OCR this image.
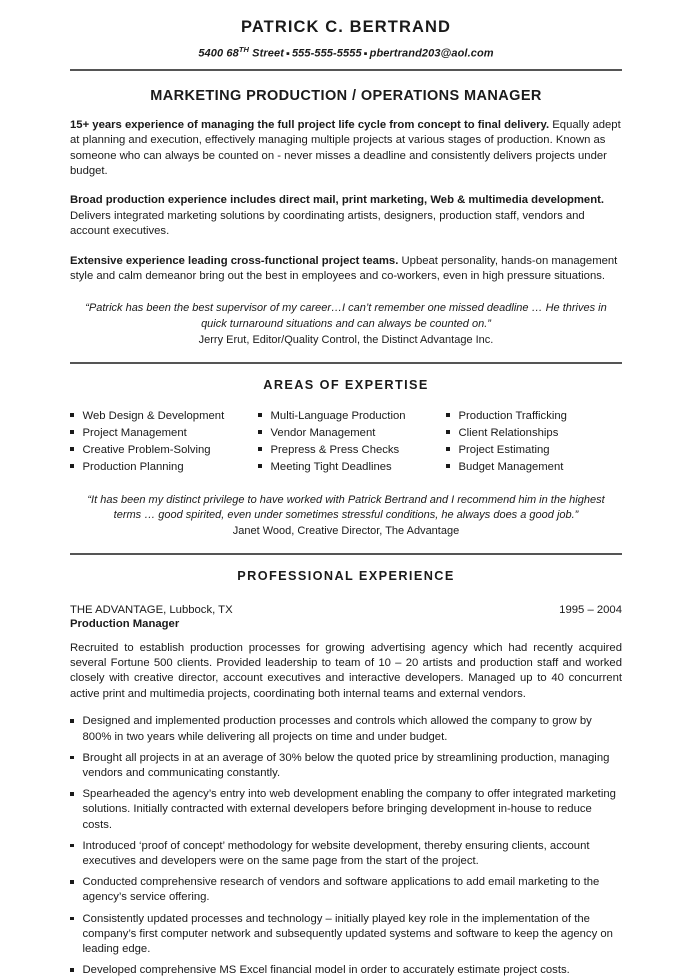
PATRICK C. BERTRAND
5400 68TH Street ▪ 555-555-5555 ▪ pbertrand203@aol.com
MARKETING PRODUCTION / OPERATIONS MANAGER

15+ years experience of managing the full project life cycle from concept to final delivery. Equally adept at planning and execution, effectively managing multiple projects at various stages of production. Known as someone who can always be counted on - never misses a deadline and consistently delivers projects under budget.

Broad production experience includes direct mail, print marketing, Web & multimedia development. Delivers integrated marketing solutions by coordinating artists, designers, production staff, vendors and account executives.

Extensive experience leading cross-functional project teams. Upbeat personality, hands-on management style and calm demeanor bring out the best in employees and co-workers, even in high pressure situations.

“Patrick has been the best supervisor of my career…I can’t remember one missed deadline … He thrives in quick turnaround situations and can always be counted on.”
Jerry Erut, Editor/Quality Control, the Distinct Advantage Inc.
AREAS OF EXPERTISE
Web Design & Development
Project Management
Creative Problem-Solving
Production Planning
Multi-Language Production
Vendor Management
Prepress & Press Checks
Meeting Tight Deadlines
Production Trafficking
Client Relationships
Project Estimating
Budget Management
“It has been my distinct privilege to have worked with Patrick Bertrand and I recommend him in the highest terms … good spirited, even under sometimes stressful conditions, he always does a good job.”
Janet Wood, Creative Director, The Advantage
PROFESSIONAL EXPERIENCE
THE ADVANTAGE, Lubbock, TX	1995 – 2004
Production Manager

Recruited to establish production processes for growing advertising agency which had recently acquired several Fortune 500 clients. Provided leadership to team of 10 – 20 artists and production staff and worked closely with creative director, account executives and interactive developers. Managed up to 40 concurrent active print and multimedia projects, coordinating both internal teams and external vendors.

Designed and implemented production processes and controls which allowed the company to grow by 800% in two years while delivering all projects on time and under budget.
Brought all projects in at an average of 30% below the quoted price by streamlining production, managing vendors and communicating constantly.
Spearheaded the agency’s entry into web development enabling the company to offer integrated marketing solutions. Initially contracted with external developers before bringing development in-house to reduce costs.
Introduced ‘proof of concept’ methodology for website development, thereby ensuring clients, account executives and developers were on the same page from the start of the project.
Conducted comprehensive research of vendors and software applications to add email marketing to the agency’s service offering.
Consistently updated processes and technology – initially played key role in the implementation of the company’s first computer network and subsequently updated systems and software to keep the agency on leading edge.
Developed comprehensive MS Excel financial model in order to accurately estimate project costs.
